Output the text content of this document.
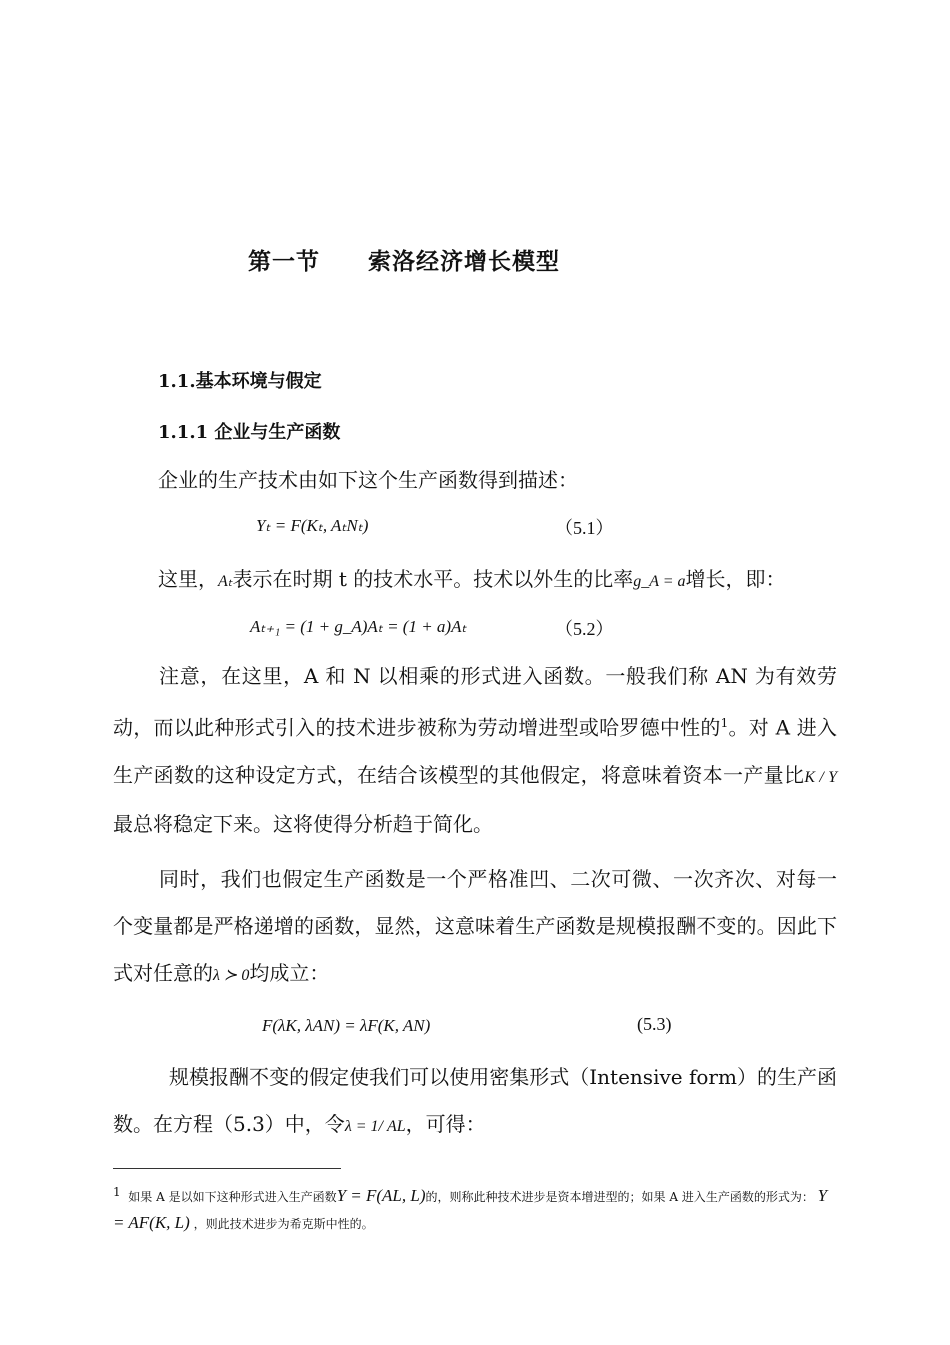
第一节 索洛经济增长模型
1.1.基本环境与假定
1.1.1 企业与生产函数
企业的生产技术由如下这个生产函数得到描述：
Yₜ = F(Kₜ, AₜNₜ)	（5.1）
这里，Aₜ表示在时期 t 的技术水平。技术以外生的比率g_A = a增长，即：
Aₜ₊₁ = (1 + g_A)Aₜ = (1 + a)Aₜ	（5.2）

注意，在这里，A 和 N 以相乘的形式进入函数。一般我们称 AN 为有效劳动，而以此种形式引入的技术进步被称为劳动增进型或哈罗德中性的$^1$。对 A 进入生产函数的这种设定方式，在结合该模型的其他假定，将意味着资本一产量比K / Y最总将稳定下来。这将使得分析趋于简化。

同时，我们也假定生产函数是一个严格准凹、二次可微、一次齐次、对每一个变量都是严格递增的函数，显然，这意味着生产函数是规模报酬不变的。因此下式对任意的λ ≻ 0均成立：

F(λK, λAN) = λF(K, AN)	(5.3)

规模报酬不变的假定使我们可以使用密集形式（Intensive form）的生产函数。在方程（5.3）中，令λ = 1/ AL，可得：

$^1$ 如果 A 是以如下这种形式进入生产函数Y = F(AL, L)的，则称此种技术进步是资本增进型的；如果 A 进入生产函数的形式为： Y = AF(K, L) ，则此技术进步为希克斯中性的。
